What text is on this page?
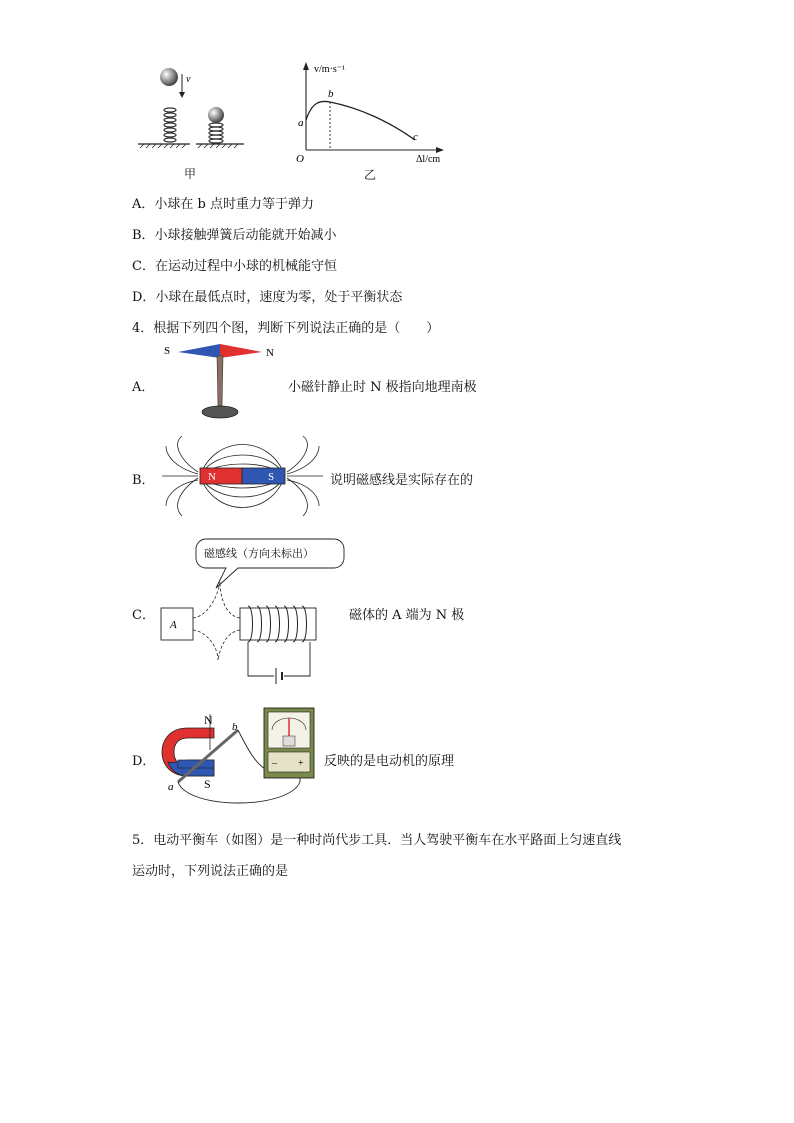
v
甲
v/m·s⁻¹
a
b
c
O	Δl/cm
乙
A．小球在 b 点时重力等于弹力
B．小球接触弹簧后动能就开始减小
C．在运动过程中小球的机械能守恒
D．小球在最低点时，速度为零，处于平衡状态
4．根据下列四个图，判断下列说法正确的是（　　）
A．
S	N
小磁针静止时 N 极指向地理南极
B．	N	S	说明磁感线是实际存在的
C．
A
磁感线（方向未标出）
磁体的 A 端为 N 极
D．
N
S
a
b
– + 反映的是电动机的原理
5．电动平衡车（如图）是一种时尚代步工具．当人驾驶平衡车在水平路面上匀速直线
运动时，下列说法正确的是
